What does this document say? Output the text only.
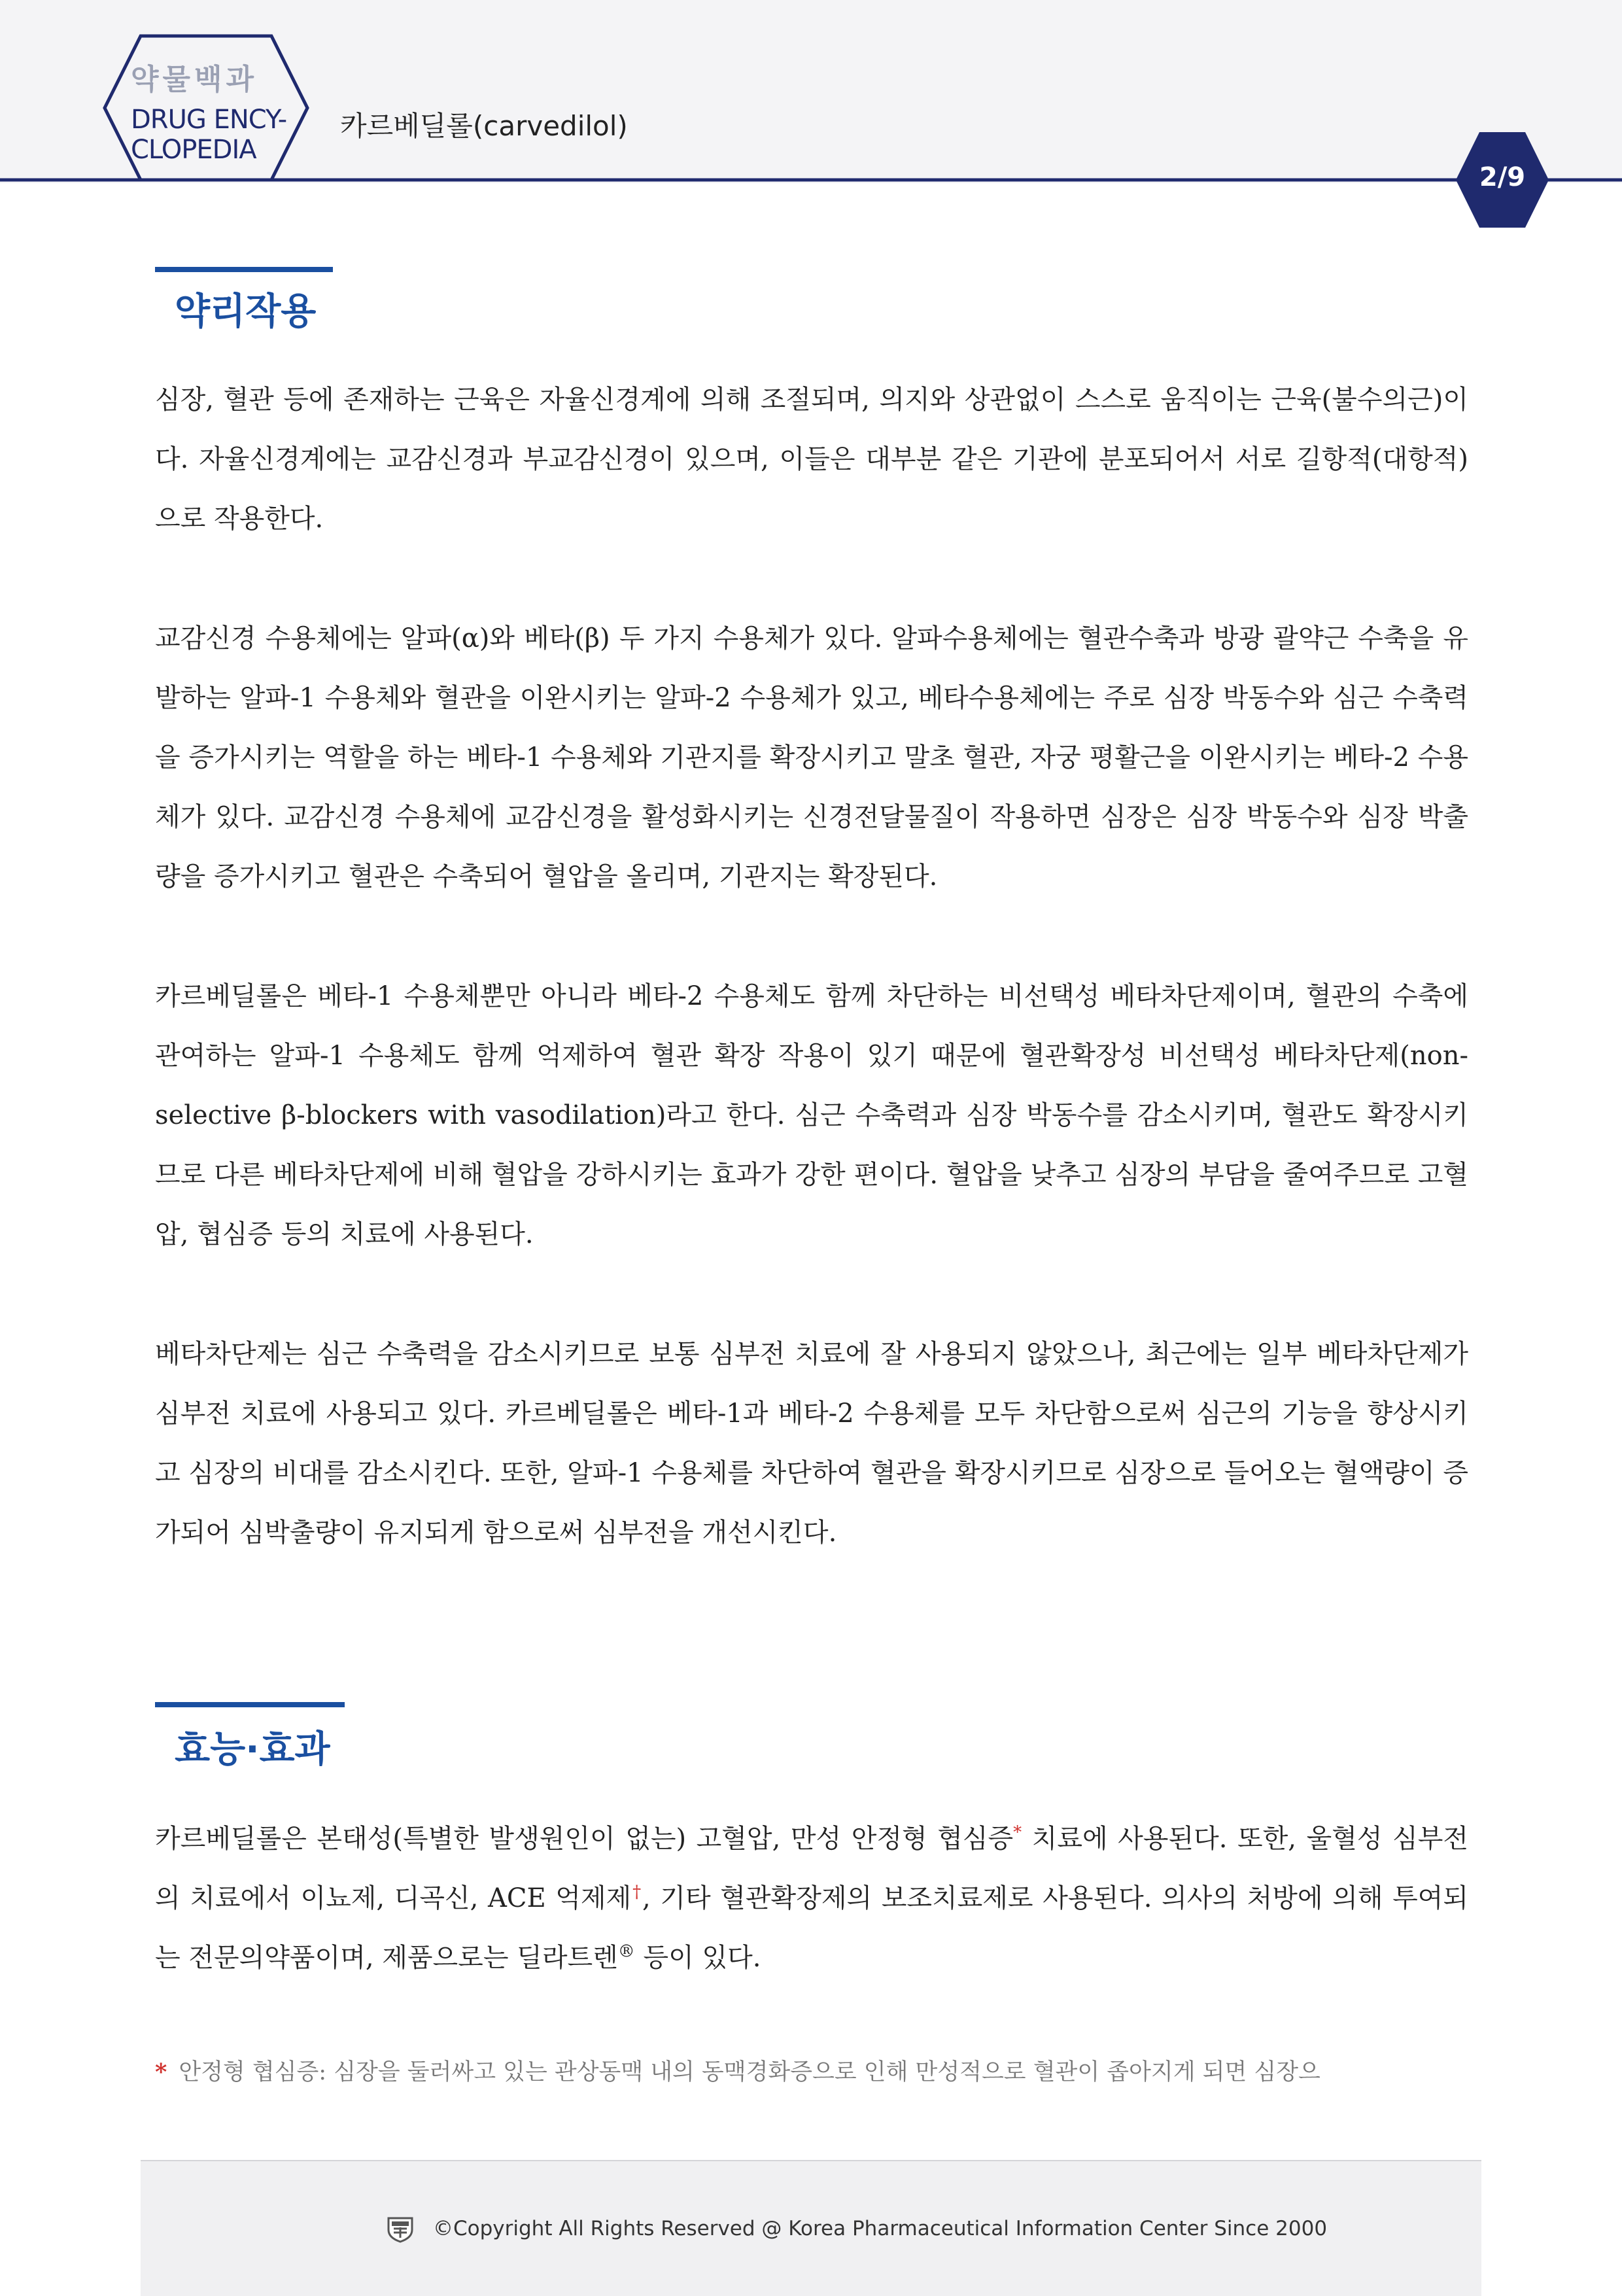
약물백과
DRUG ENCY-
CLOPEDIA
카르베딜롤(carvedilol)
2/9
약리작용

심장, 혈관 등에 존재하는 근육은 자율신경계에 의해 조절되며, 의지와 상관없이 스스로 움직이는 근육(불수의근)이다. 자율신경계에는 교감신경과 부교감신경이 있으며, 이들은 대부분 같은 기관에 분포되어서 서로 길항적(대항적)으로 작용한다.

교감신경 수용체에는 알파(α)와 베타(β) 두 가지 수용체가 있다. 알파수용체에는 혈관수축과 방광 괄약근 수축을 유발하는 알파-1 수용체와 혈관을 이완시키는 알파-2 수용체가 있고, 베타수용체에는 주로 심장 박동수와 심근 수축력을 증가시키는 역할을 하는 베타-1 수용체와 기관지를 확장시키고 말초 혈관, 자궁 평활근을 이완시키는 베타-2 수용체가 있다. 교감신경 수용체에 교감신경을 활성화시키는 신경전달물질이 작용하면 심장은 심장 박동수와 심장 박출량을 증가시키고 혈관은 수축되어 혈압을 올리며, 기관지는 확장된다.

카르베딜롤은 베타-1 수용체뿐만 아니라 베타-2 수용체도 함께 차단하는 비선택성 베타차단제이며, 혈관의 수축에 관여하는 알파-1 수용체도 함께 억제하여 혈관 확장 작용이 있기 때문에 혈관확장성 비선택성 베타차단제(non-selective β-blockers with vasodilation)라고 한다. 심근 수축력과 심장 박동수를 감소시키며, 혈관도 확장시키므로 다른 베타차단제에 비해 혈압을 강하시키는 효과가 강한 편이다. 혈압을 낮추고 심장의 부담을 줄여주므로 고혈압, 협심증 등의 치료에 사용된다.

베타차단제는 심근 수축력을 감소시키므로 보통 심부전 치료에 잘 사용되지 않았으나, 최근에는 일부 베타차단제가 심부전 치료에 사용되고 있다. 카르베딜롤은 베타-1과 베타-2 수용체를 모두 차단함으로써 심근의 기능을 향상시키고 심장의 비대를 감소시킨다. 또한, 알파-1 수용체를 차단하여 혈관을 확장시키므로 심장으로 들어오는 혈액량이 증가되어 심박출량이 유지되게 함으로써 심부전을 개선시킨다.

효능·효과

카르베딜롤은 본태성(특별한 발생원인이 없는) 고혈압, 만성 안정형 협심증* 치료에 사용된다. 또한, 울혈성 심부전의 치료에서 이뇨제, 디곡신, ACE 억제제†, 기타 혈관확장제의 보조치료제로 사용된다. 의사의 처방에 의해 투여되는 전문의약품이며, 제품으로는 딜라트렌® 등이 있다.

* 안정형 협심증: 심장을 둘러싸고 있는 관상동맥 내의 동맥경화증으로 인해 만성적으로 혈관이 좁아지게 되면 심장으
©Copyright All Rights Reserved @ Korea Pharmaceutical Information Center Since 2000
